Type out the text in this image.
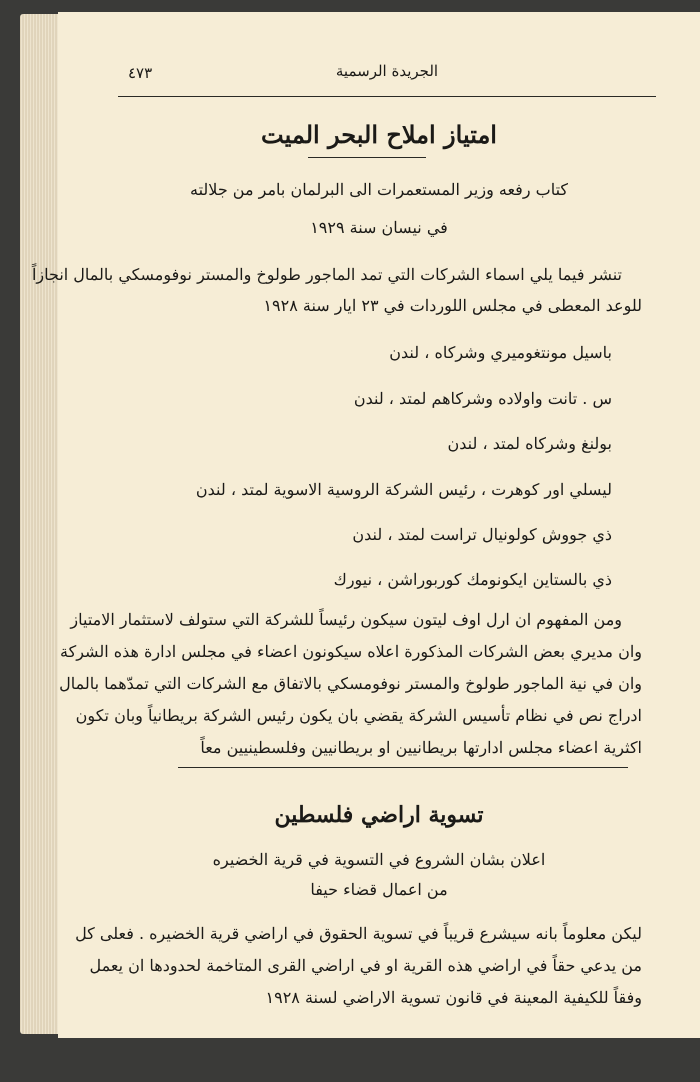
٤٧٣	الجريدة الرسمية
امتياز املاح البحر الميت
كتاب رفعه وزير المستعمرات الى البرلمان بامر من جلالته
في نيسان سنة ١٩٢٩
تنشر فيما يلي اسماء الشركات التي تمد الماجور طولوخ والمستر نوفومسكي بالمال انجازاً
للوعد المعطى في مجلس اللوردات في ٢٣ ايار سنة ١٩٢٨
باسيل مونتغوميري وشركاه ، لندن
س . تانت واولاده وشركاهم لمتد ، لندن
بولنغ وشركاه لمتد ، لندن
ليسلي اور كوهرت ، رئيس الشركة الروسية الاسوية لمتد ، لندن
ذي جووش كولونيال تراست لمتد ، لندن
ذي بالستاين ايكونومك كوربوراشن ، نيورك
ومن المفهوم ان ارل اوف ليتون سيكون رئيساً للشركة التي ستولف لاستثمار الامتياز
وان مديري بعض الشركات المذكورة اعلاه سيكونون اعضاء في مجلس ادارة هذه الشركة
وان في نية الماجور طولوخ والمستر نوفومسكي بالاتفاق مع الشركات التي تمدّهما بالمال
ادراج نص في نظام تأسيس الشركة يقضي بان يكون رئيس الشركة بريطانياً وبان تكون
اكثرية اعضاء مجلس ادارتها بريطانيين او بريطانيين وفلسطينيين معاً
تسوية اراضي فلسطين
اعلان بشان الشروع في التسوية في قرية الخضيره
من اعمال قضاء حيفا
ليكن معلوماً بانه سيشرع قريباً في تسوية الحقوق في اراضي قرية الخضيره . فعلى كل
من يدعي حقاً في اراضي هذه القرية او في اراضي القرى المتاخمة لحدودها ان يعمل
وفقاً للكيفية المعينة في قانون تسوية الاراضي لسنة ١٩٢٨
